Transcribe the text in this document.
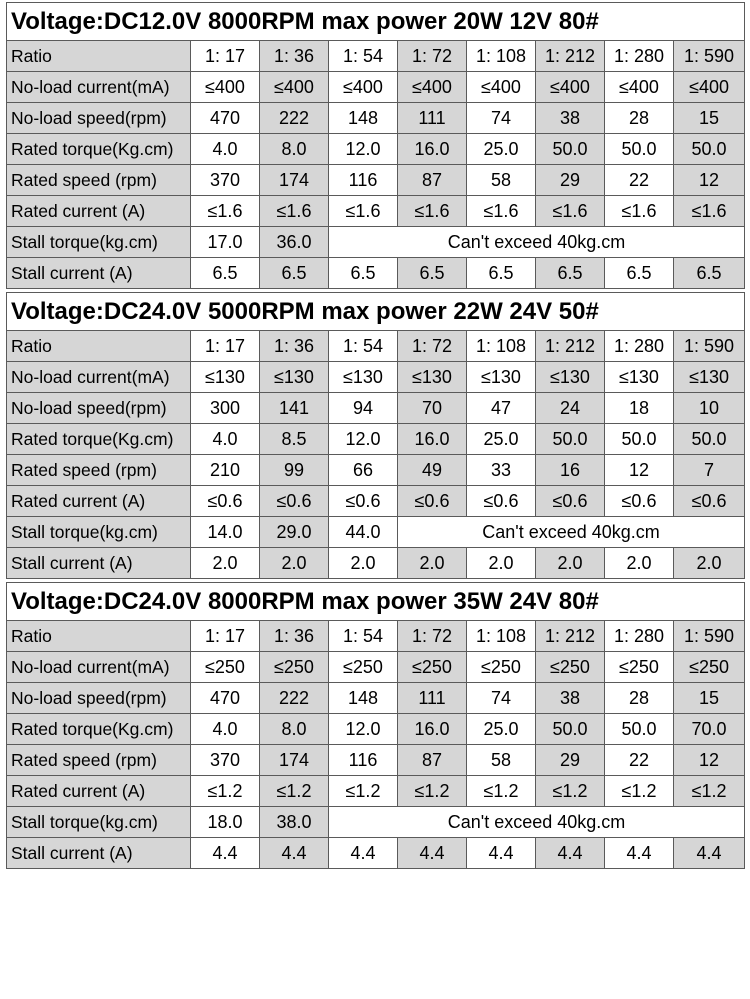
Voltage:DC12.0V 8000RPM max power 20W 12V 80#								
Ratio	1: 17	1: 36	1: 54	1: 72	1: 108	1: 212	1: 280	1: 590
No-load current(mA)	≤400	≤400	≤400	≤400	≤400	≤400	≤400	≤400
No-load speed(rpm)	470	222	148	111	74	38	28	15
Rated torque(Kg.cm)	4.0	8.0	12.0	16.0	25.0	50.0	50.0	50.0
Rated speed (rpm)	370	174	116	87	58	29	22	12
Rated current (A)	≤1.6	≤1.6	≤1.6	≤1.6	≤1.6	≤1.6	≤1.6	≤1.6
Stall torque(kg.cm)	17.0	36.0	Can't exceed 40kg.cm					
Stall current (A)	6.5	6.5	6.5	6.5	6.5	6.5	6.5	6.5
Voltage:DC24.0V 5000RPM max power 22W 24V 50#								
Ratio	1: 17	1: 36	1: 54	1: 72	1: 108	1: 212	1: 280	1: 590
No-load current(mA)	≤130	≤130	≤130	≤130	≤130	≤130	≤130	≤130
No-load speed(rpm)	300	141	94	70	47	24	18	10
Rated torque(Kg.cm)	4.0	8.5	12.0	16.0	25.0	50.0	50.0	50.0
Rated speed (rpm)	210	99	66	49	33	16	12	7
Rated current (A)	≤0.6	≤0.6	≤0.6	≤0.6	≤0.6	≤0.6	≤0.6	≤0.6
Stall torque(kg.cm)	14.0	29.0	44.0	Can't exceed 40kg.cm				
Stall current (A)	2.0	2.0	2.0	2.0	2.0	2.0	2.0	2.0
Voltage:DC24.0V 8000RPM max power 35W 24V 80#								
Ratio	1: 17	1: 36	1: 54	1: 72	1: 108	1: 212	1: 280	1: 590
No-load current(mA)	≤250	≤250	≤250	≤250	≤250	≤250	≤250	≤250
No-load speed(rpm)	470	222	148	111	74	38	28	15
Rated torque(Kg.cm)	4.0	8.0	12.0	16.0	25.0	50.0	50.0	70.0
Rated speed (rpm)	370	174	116	87	58	29	22	12
Rated current (A)	≤1.2	≤1.2	≤1.2	≤1.2	≤1.2	≤1.2	≤1.2	≤1.2
Stall torque(kg.cm)	18.0	38.0	Can't exceed 40kg.cm					
Stall current (A)	4.4	4.4	4.4	4.4	4.4	4.4	4.4	4.4
